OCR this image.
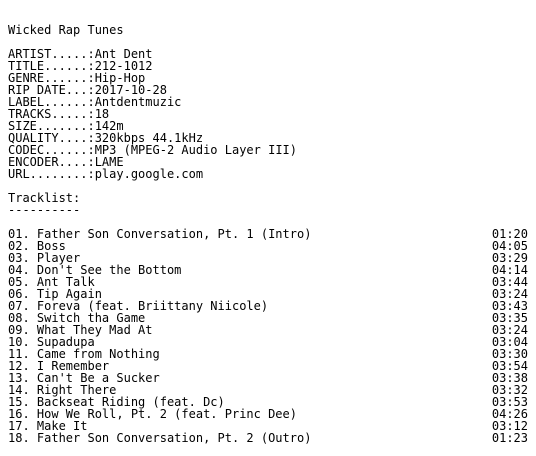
Wicked Rap Tunes
ARTIST.....: Ant Dent
TITLE......: 212-1012
GENRE......: Hip-Hop
RIP DATE...: 2017-10-28
LABEL......: Antdentmuzic
TRACKS.....: 18
SIZE.......: 142m
QUALITY....: 320kbps 44.1kHz
CODEC......: MP3 (MPEG-2 Audio Layer III)
ENCODER....: LAME
URL........: play.google.com
Tracklist:
----------
01. Father Son Conversation, Pt. 1 (Intro)	01:20
02. Boss	04:05
03. Player	03:29
04. Don't See the Bottom	04:14
05. Ant Talk	03:44
06. Tip Again	03:24
07. Foreva (feat. Briittany Niicole)	03:43
08. Switch tha Game	03:35
09. What They Mad At	03:24
10. Supadupa	03:04
11. Came from Nothing	03:30
12. I Remember	03:54
13. Can't Be a Sucker	03:38
14. Right There	03:32
15. Backseat Riding (feat. Dc)	03:53
16. How We Roll, Pt. 2 (feat. Princ Dee)	04:26
17. Make It	03:12
18. Father Son Conversation, Pt. 2 (Outro)	01:23
